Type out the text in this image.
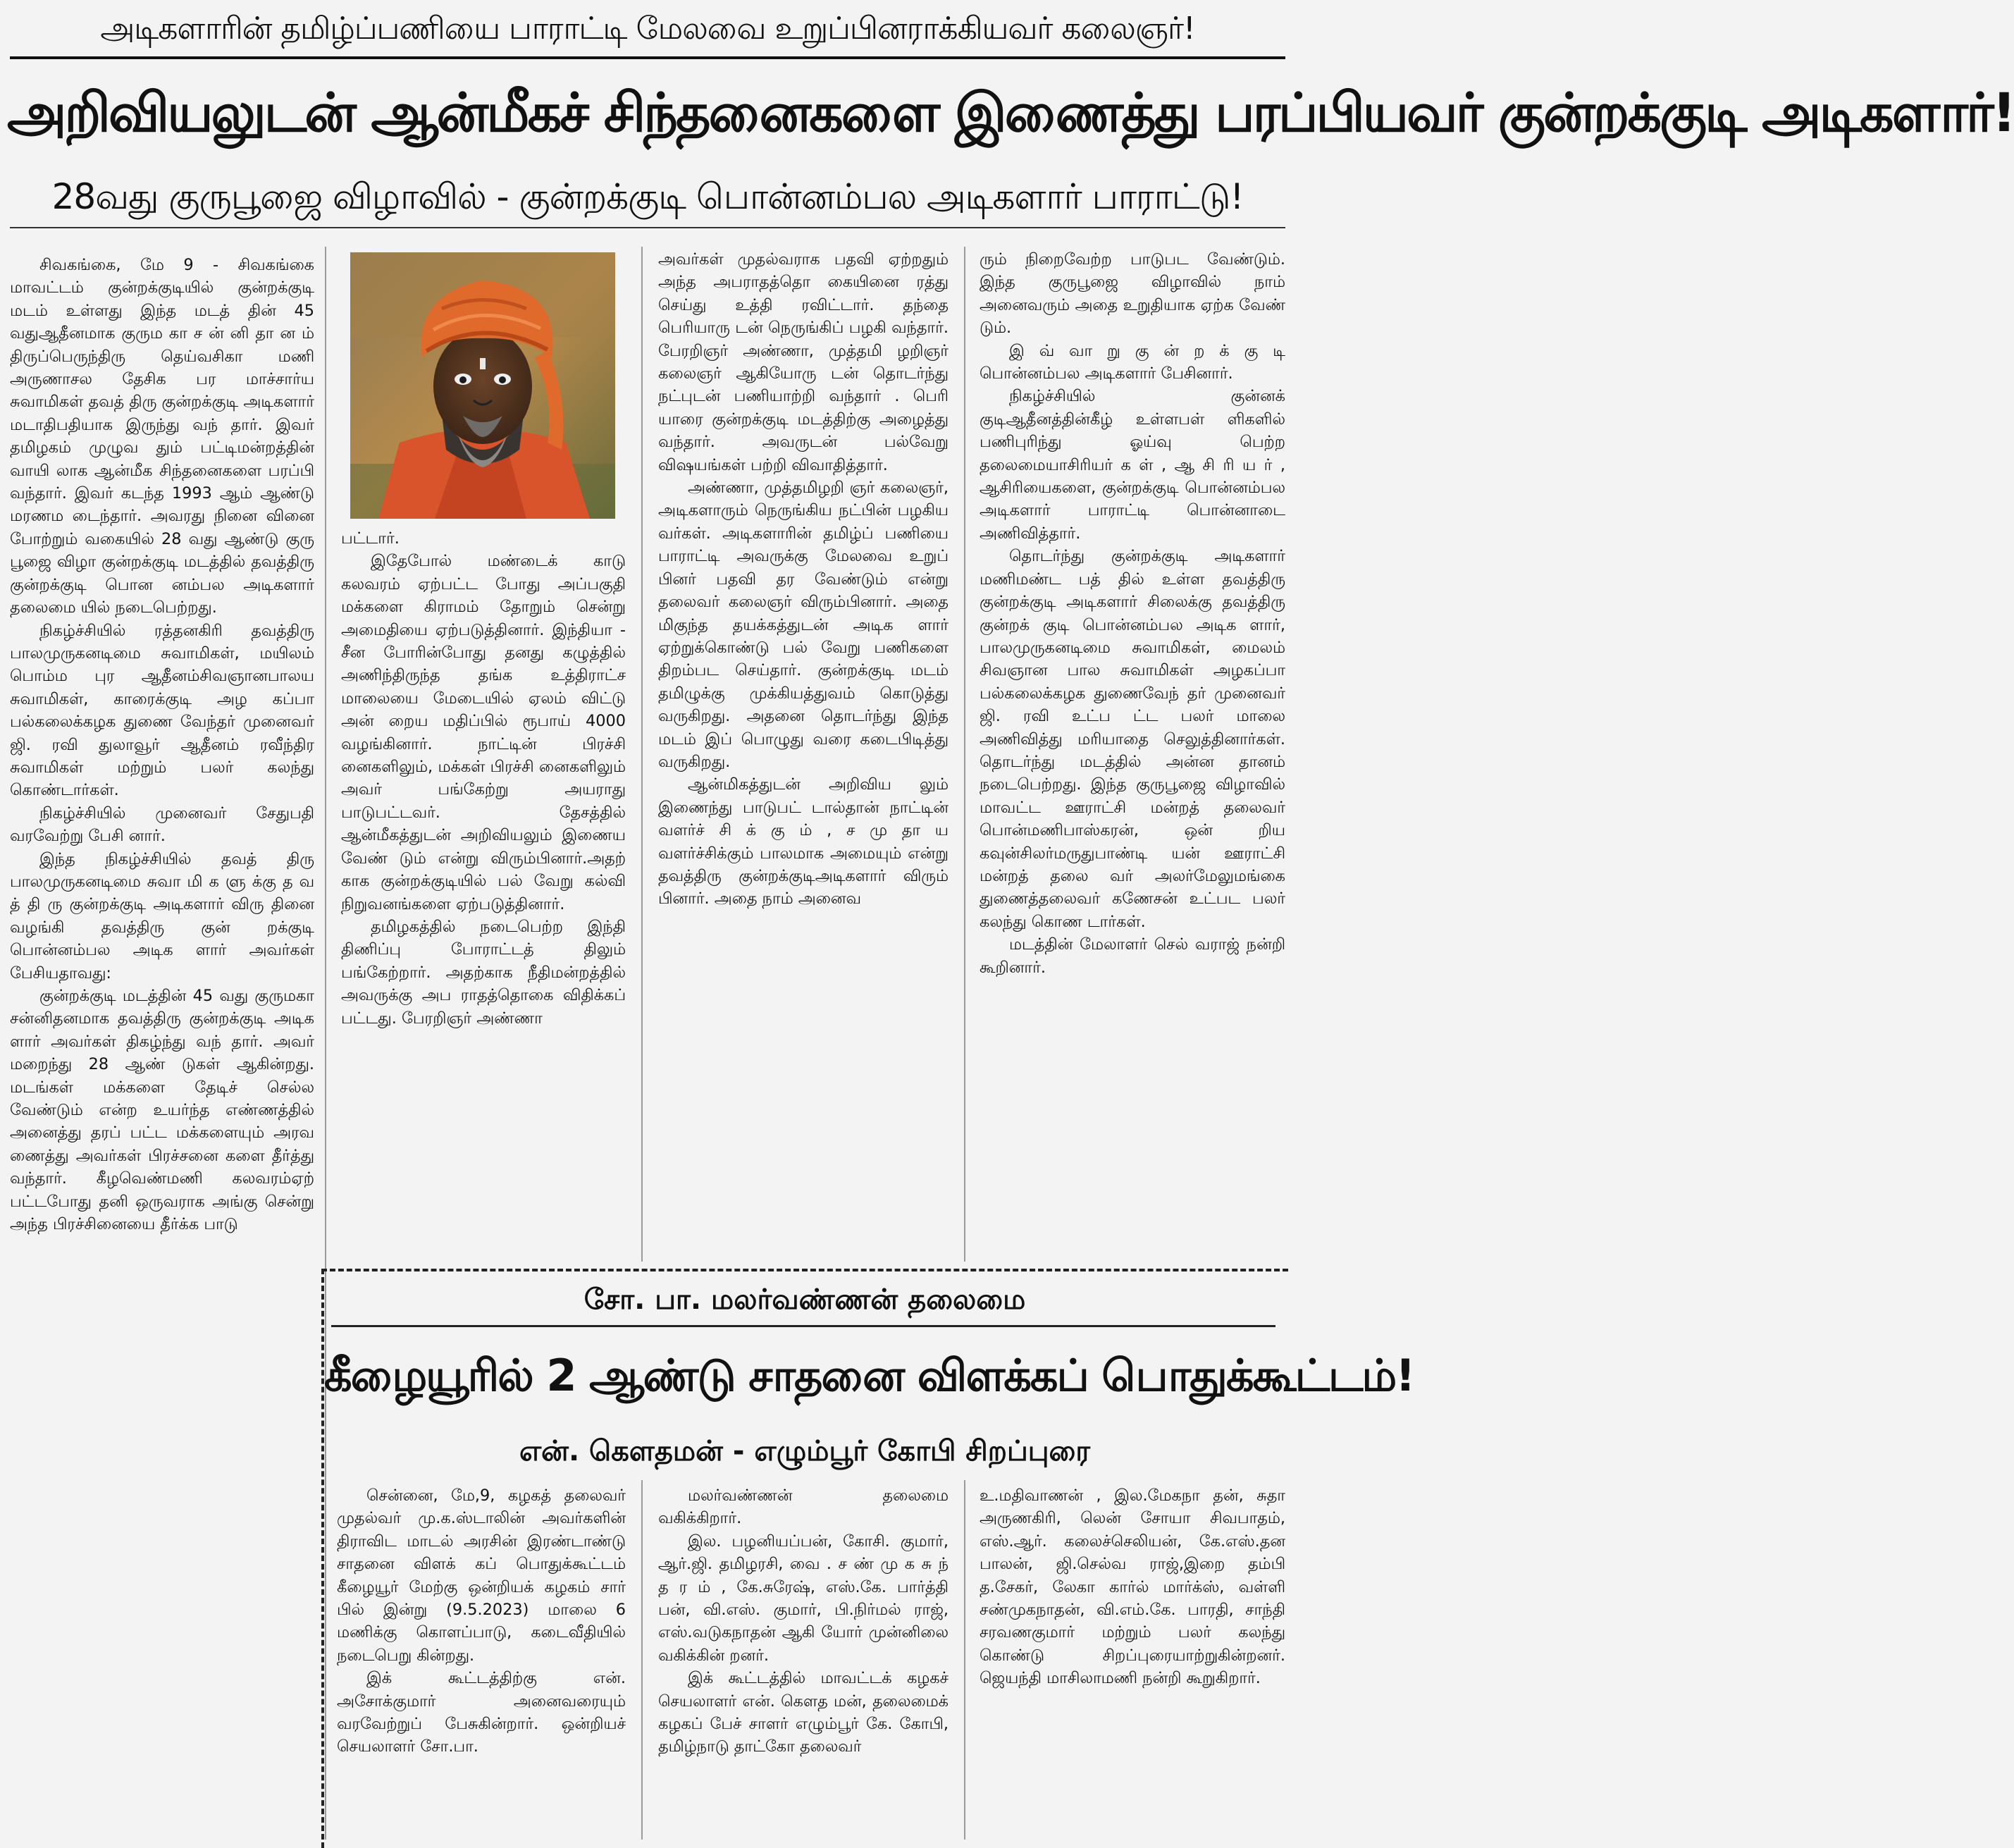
அடிகளாரின் தமிழ்ப்பணியை பாராட்டி மேலவை உறுப்பினராக்கியவர் கலைஞர்!
அறிவியலுடன் ஆன்மீகச் சிந்தனைகளை இணைத்து பரப்பியவர் குன்றக்குடி அடிகளார்!
28வது குருபூஜை விழாவில் - குன்றக்குடி பொன்னம்பல அடிகளார் பாராட்டு!

சிவகங்கை, மே 9 - சிவகங்கை மாவட்டம் குன்றக்குடியில் குன்றக்குடி மடம் உள்ளது இந்த மடத் தின் 45 வதுஆதீனமாக குரும கா ச ன் னி தா ன ம் திருப்பெருந்திரு தெய்வசிகா மணி அருணாசல தேசிக பர மாச்சார்ய சுவாமிகள் தவத் திரு குன்றக்குடி அடிகளார் மடாதிபதியாக இருந்து வந் தார். இவர் தமிழகம் முழுவ தும் பட்டிமன்றத்தின் வாயி லாக ஆன்மீக சிந்தனைகளை பரப்பி வந்தார். இவர் கடந்த 1993 ஆம் ஆண்டு மரணம டைந்தார். அவரது நினை வினை போற்றும் வகையில் 28 வது ஆண்டு குரு பூஜை விழா குன்றக்குடி மடத்தில் தவத்திரு குன்றக்குடி பொன னம்பல அடிகளார் தலைமை யில் நடைபெற்றது.

நிகழ்ச்சியில் ரத்தனகிரி தவத்திரு பாலமுருகனடிமை சுவாமிகள், மயிலம் பொம்ம புர ஆதீனம்சிவஞானபாலய சுவாமிகள், காரைக்குடி அழ கப்பா பல்கலைக்கழக துணை வேந்தர் முனைவர் ஜி. ரவி துலாவூர் ஆதீனம் ரவீந்திர சுவாமிகள் மற்றும் பலர் கலந்து கொண்டார்கள்.

நிகழ்ச்சியில் முனைவர் சேதுபதி வரவேற்று பேசி னார்.

இந்த நிகழ்ச்சியில் தவத் திரு பாலமுருகனடிமை சுவா மி க ளு க்கு த வ த் தி ரு குன்றக்குடி அடிகளார் விரு தினை வழங்கி தவத்திரு குன் றக்குடி பொன்னம்பல அடிக ளார் அவர்கள் பேசியதாவது:

குன்றக்குடி மடத்தின் 45 வது குருமகா சன்னிதனமாக தவத்திரு குன்றக்குடி அடிக ளார் அவர்கள் திகழ்ந்து வந் தார். அவர் மறைந்து 28 ஆண் டுகள் ஆகின்றது. மடங்கள் மக்களை தேடிச் செல்ல வேண்டும் என்ற உயர்ந்த எண்ணத்தில் அனைத்து தரப் பட்ட மக்களையும் அரவ ணைத்து அவர்கள் பிரச்சனை களை தீர்த்து வந்தார். கீழவெண்மணி கலவரம்ஏற் பட்டபோது தனி ஒருவராக அங்கு சென்று அந்த பிரச்சினையை தீர்க்க பாடு

பட்டார்.

இதேபோல் மண்டைக் காடு கலவரம் ஏற்பட்ட போது அப்பகுதி மக்களை கிராமம் தோறும் சென்று அமைதியை ஏற்படுத்தினார். இந்தியா - சீன போரின்போது தனது கழுத்தில் அணிந்திருந்த தங்க உத்திராட்ச மாலையை மேடையில் ஏலம் விட்டு அன் றைய மதிப்பில் ரூபாய் 4000 வழங்கினார். நாட்டின் பிரச்சி னைகளிலும், மக்கள் பிரச்சி னைகளிலும் அவர் பங்கேற்று அயராது பாடுபட்டவர். தேசத்தில் ஆன்மீகத்துடன் அறிவியலும் இணைய வேண் டும் என்று விரும்பினார்.அதற் காக குன்றக்குடியில் பல் வேறு கல்வி நிறுவனங்களை ஏற்படுத்தினார்.

தமிழகத்தில் நடைபெற்ற இந்தி திணிப்பு போராட்டத் திலும் பங்கேற்றார். அதற்காக நீதிமன்றத்தில் அவருக்கு அப ராதத்தொகை விதிக்கப் பட்டது. பேரறிஞர் அண்ணா

அவர்கள் முதல்வராக பதவி ஏற்றதும் அந்த அபராதத்தொ கையினை ரத்து செய்து உத்தி ரவிட்டார். தந்தை பெரியாரு டன் நெருங்கிப் பழகி வந்தார். பேரறிஞர் அண்ணா, முத்தமி ழறிஞர் கலைஞர் ஆகியோரு டன் தொடர்ந்து நட்புடன் பணியாற்றி வந்தார் . பெரி யாரை குன்றக்குடி மடத்திற்கு அழைத்து வந்தார். அவருடன் பல்வேறு விஷயங்கள் பற்றி விவாதித்தார்.

அண்ணா, முத்தமிழறி ஞர் கலைஞர், அடிகளாரும் நெருங்கிய நட்பின் பழகிய வர்கள். அடிகளாரின் தமிழ்ப் பணியை பாராட்டி அவருக்கு மேலவை உறுப் பினர் பதவி தர வேண்டும் என்று தலைவர் கலைஞர் விரும்பினார். அதை மிகுந்த தயக்கத்துடன் அடிக ளார் ஏற்றுக்கொண்டு பல் வேறு பணிகளை திறம்பட செய்தார். குன்றக்குடி மடம் தமிழுக்கு முக்கியத்துவம் கொடுத்து வருகிறது. அதனை தொடர்ந்து இந்த மடம் இப் பொழுது வரை கடைபிடித்து வருகிறது.

ஆன்மிகத்துடன் அறிவிய லும் இணைந்து பாடுபட் டால்தான் நாட்டின் வளர்ச் சி க் கு ம் , ச மு தா ய வளர்ச்சிக்கும் பாலமாக அமையும் என்று தவத்திரு குன்றக்குடிஅடிகளார் விரும் பினார். அதை நாம் அனைவ

ரும் நிறைவேற்ற பாடுபட வேண்டும். இந்த குருபூஜை விழாவில் நாம் அனைவரும் அதை உறுதியாக ஏற்க வேண் டும்.

இ வ் வா று கு ன் ற க் கு டி பொன்னம்பல அடிகளார் பேசினார்.

நிகழ்ச்சியில் குன்னக் குடிஆதீனத்தின்கீழ் உள்ளபள் ளிகளில் பணிபுரிந்து ஓய்வு பெற்ற தலைமையாசிரியர் க ள் , ஆ சி ரி ய ர் , ஆசிரியைகளை, குன்றக்குடி பொன்னம்பல அடிகளார் பாராட்டி பொன்னாடை அணிவித்தார்.

தொடர்ந்து குன்றக்குடி அடிகளார் மணிமண்ட பத் தில் உள்ள தவத்திரு குன்றக்குடி அடிகளார் சிலைக்கு தவத்திரு குன்றக் குடி பொன்னம்பல அடிக ளார், பாலமுருகனடிமை சுவாமிகள், மைலம் சிவஞான பால சுவாமிகள் அழகப்பா பல்கலைக்கழக துணைவேந் தர் முனைவர் ஜி. ரவி உட்ப ட்ட பலர் மாலை அணிவித்து மரியாதை செலுத்தினார்கள். தொடர்ந்து மடத்தில் அன்ன தானம் நடைபெற்றது. இந்த குருபூஜை விழாவில் மாவட்ட ஊராட்சி மன்றத் தலைவர் பொன்மணிபாஸ்கரன், ஒன் றிய கவுன்சிலர்மருதுபாண்டி யன் ஊராட்சி மன்றத் தலை வர் அலர்மேலுமங்கை துணைத்தலைவர் கணேசன் உட்பட பலர் கலந்து கொண டார்கள்.

மடத்தின் மேலாளர் செல் வராஜ் நன்றி கூறினார்.

சோ. பா. மலர்வண்ணன் தலைமை
கீழையூரில் 2 ஆண்டு சாதனை விளக்கப் பொதுக்கூட்டம்!
என். கௌதமன் - எழும்பூர் கோபி சிறப்புரை

சென்னை, மே,9, கழகத் தலைவர் முதல்வர் மு.க.ஸ்டாலின் அவர்களின் திராவிட மாடல் அரசின் இரண்டாண்டு சாதனை விளக் கப் பொதுக்கூட்டம் கீழையூர் மேற்கு ஒன்றியக் கழகம் சார் பில் இன்று (9.5.2023) மாலை 6 மணிக்கு கொளப்பாடு, கடைவீதியில் நடைபெறு கின்றது.

இக் கூட்டத்திற்கு என். அசோக்குமார் அனைவரையும் வரவேற்றுப் பேசுகின்றார். ஒன்றியச் செயலாளர் சோ.பா.

மலர்வண்ணன் தலைமை வகிக்கிறார்.

இல. பழனியப்பன், கோசி. குமார், ஆர்.ஜி. தமிழரசி, வை . ச ண் மு க சு ந் த ர ம் , கே.சுரேஷ், எஸ்.கே. பார்த்தி பன், வி.எஸ். குமார், பி.நிர்மல் ராஜ், எஸ்.வடுகநாதன் ஆகி யோர் முன்னிலை வகிக்கின் றனர்.

இக் கூட்டத்தில் மாவட்டக் கழகச் செயலாளர் என். கௌத மன், தலைமைக் கழகப் பேச் சாளர் எழும்பூர் கே. கோபி, தமிழ்நாடு தாட்கோ தலைவர்

உ.மதிவாணன் , இல.மேகநா தன், சுதா அருணகிரி, லென் சோயா சிவபாதம், எஸ்.ஆர். கலைச்செலியன், கே.எஸ்.தன பாலன், ஜி.செல்வ ராஜ்,இறை தம்பி த.சேகர், லேகா கார்ல் மார்க்ஸ், வள்ளி சண்முகநாதன், வி.எம்.கே. பாரதி, சாந்தி சரவணகுமார் மற்றும் பலர் கலந்து கொண்டு சிறப்புரையாற்றுகின்றனர். ஜெயந்தி மாசிலாமணி நன்றி கூறுகிறார்.
